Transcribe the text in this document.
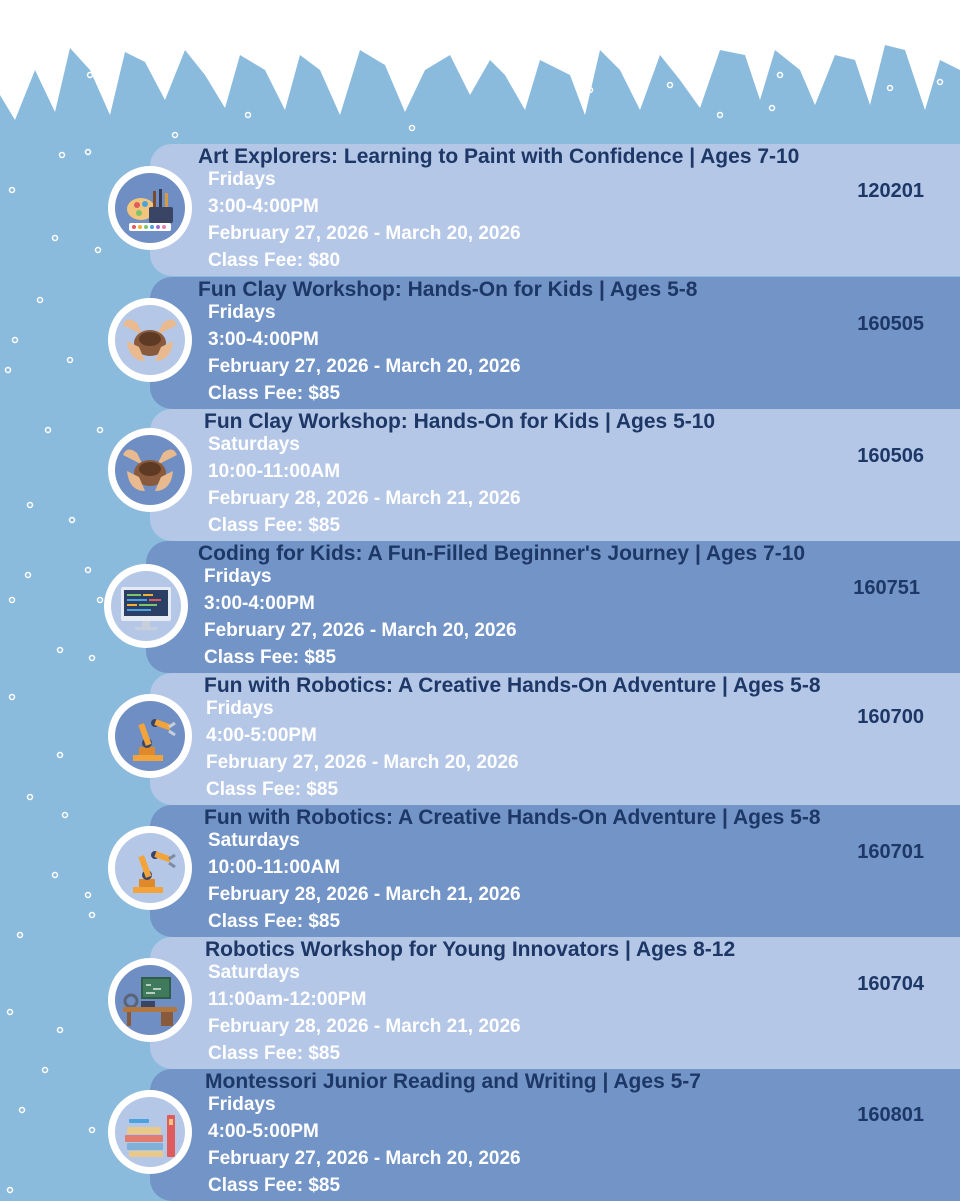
Art Explorers: Learning to Paint with Confidence | Ages 7-10
Fridays
3:00-4:00PM
February 27, 2026 - March 20, 2026
Class Fee: $80
120201
Fun Clay Workshop: Hands-On for Kids | Ages 5-8
Fridays
3:00-4:00PM
February 27, 2026 - March 20, 2026
Class Fee: $85
160505
Fun Clay Workshop: Hands-On for Kids | Ages 5-10
Saturdays
10:00-11:00AM
February 28, 2026 - March 21, 2026
Class Fee: $85
160506
Coding for Kids: A Fun-Filled Beginner's Journey | Ages 7-10
Fridays
3:00-4:00PM
February 27, 2026 - March 20, 2026
Class Fee: $85
160751
Fun with Robotics: A Creative Hands-On Adventure | Ages 5-8
Fridays
4:00-5:00PM
February 27, 2026 - March 20, 2026
Class Fee: $85
160700
Fun with Robotics: A Creative Hands-On Adventure | Ages 5-8
Saturdays
10:00-11:00AM
February 28, 2026 - March 21, 2026
Class Fee: $85
160701
Robotics Workshop for Young Innovators | Ages 8-12
Saturdays
11:00am-12:00PM
February 28, 2026 - March 21, 2026
Class Fee: $85
160704
Montessori Junior Reading and Writing | Ages 5-7
Fridays
4:00-5:00PM
February 27, 2026 - March 20, 2026
Class Fee: $85
160801
